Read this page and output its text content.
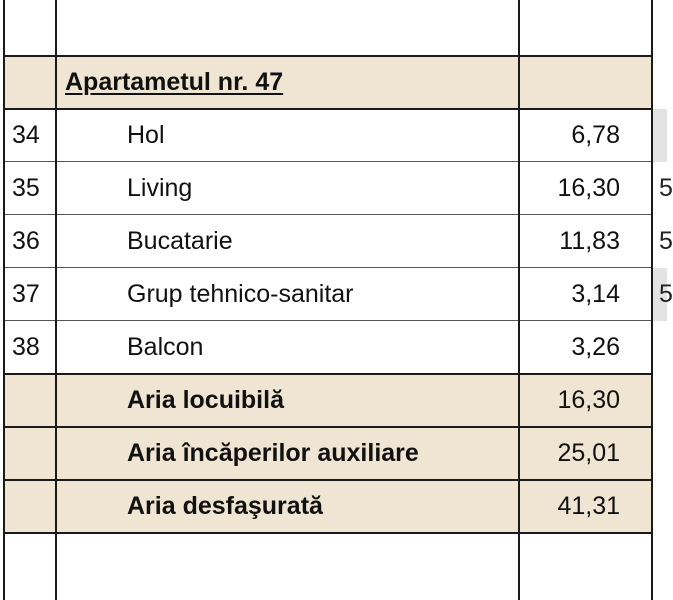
Apartametul nr. 47
34	Hol	6,78
35	Living	16,30	5
36	Bucatarie	11,83	5
37	Grup tehnico-sanitar	3,14	5
38	Balcon	3,26
Aria locuibilă	16,30
Aria încăperilor auxiliare	25,01
Aria desfaşurată	41,31
